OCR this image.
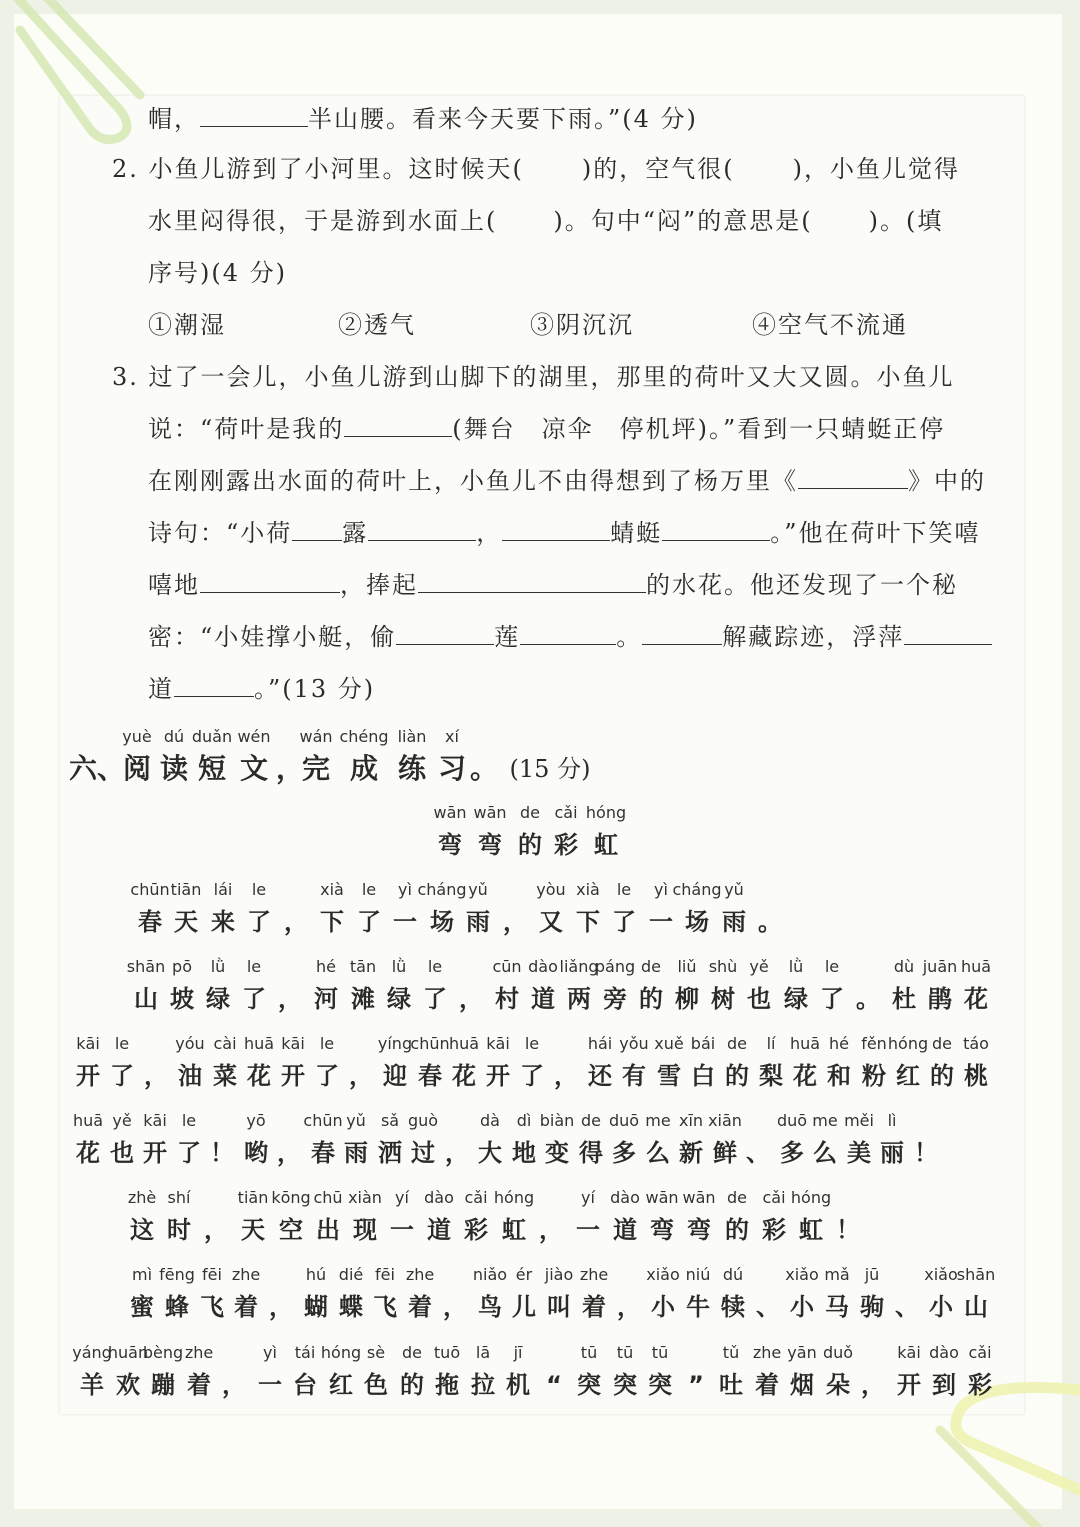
帽，	半山腰。看来今天要下雨。”(4 分)
2. 小鱼儿游到了小河里。这时候天( )的，空气很( )，小鱼儿觉得
水里闷得很，于是游到水面上( )。句中“闷”的意思是( )。(填
序号)(4 分)
①潮湿	②透气	③阴沉沉	④空气不流通
3. 过了一会儿，小鱼儿游到山脚下的湖里，那里的荷叶又大又圆。小鱼儿
说：“荷叶是我的	(舞台　凉伞　停机坪)。”看到一只蜻蜓正停
在刚刚露出水面的荷叶上，小鱼儿不由得想到了杨万里《	》中的
诗句：“小荷 露	，	蜻蜓	。”他在荷叶下笑嘻
嘻地	，捧起	的水花。他还发现了一个秘
密：“小娃撑小艇，偷	莲	。	解藏踪迹，浮萍
道	。”(13 分)

六、
yuè
阅
dú
读
duǎn
短
wén
文
，
wán
完
chéng
成
liàn
练
xí
习
。
(15 分)
wān
弯
wān
弯
de
的
cǎi
彩
hóng
虹
chūn
春
tiān
天
lái
来
le
了
，
xià
下
le
了
yì
一
cháng
场
yǔ
雨
，
yòu
又
xià
下
le
了
yì
一
cháng
场
yǔ
雨
。
shān
山
pō
坡
lǜ
绿
le
了
，
hé
河
tān
滩
lǜ
绿
le
了
，
cūn
村
dào
道
liǎng
两
páng
旁
de
的
liǔ
柳
shù
树
yě
也
lǜ
绿
le
了
。
dù
杜
juān
鹃
huā
花
kāi
开
le
了
，
yóu
油
cài
菜
huā
花
kāi
开
le
了
，
yíng
迎
chūn
春
huā
花
kāi
开
le
了
，
hái
还
yǒu
有
xuě
雪
bái
白
de
的
lí
梨
huā
花
hé
和
fěn
粉
hóng
红
de
的
táo
桃
huā
花
yě
也
kāi
开
le
了
！
yō
哟
，
chūn
春
yǔ
雨
sǎ
洒
guò
过
，
dà
大
dì
地
biàn
变
de
得
duō
多
me
么
xīn
新
xiān
鲜
、
duō
多
me
么
měi
美
lì
丽
！
zhè
这
shí
时
，
tiān
天
kōng
空
chū
出
xiàn
现
yí
一
dào
道
cǎi
彩
hóng
虹
，
yí
一
dào
道
wān
弯
wān
弯
de
的
cǎi
彩
hóng
虹
！
mì
蜜
fēng
蜂
fēi
飞
zhe
着
，
hú
蝴
dié
蝶
fēi
飞
zhe
着
，
niǎo
鸟
ér
儿
jiào
叫
zhe
着
，
xiǎo
小
niú
牛
dú
犊
、
xiǎo
小
mǎ
马
jū
驹
、
xiǎo
小
shān
山
yáng
羊
huān
欢
bèng
蹦
zhe
着
，
yì
一
tái
台
hóng
红
sè
色
de
的
tuō
拖
lā
拉
jī
机
“
tū
突
tū
突
tū
突
”
tǔ
吐
zhe
着
yān
烟
duǒ
朵
，
kāi
开
dào
到
cǎi
彩
